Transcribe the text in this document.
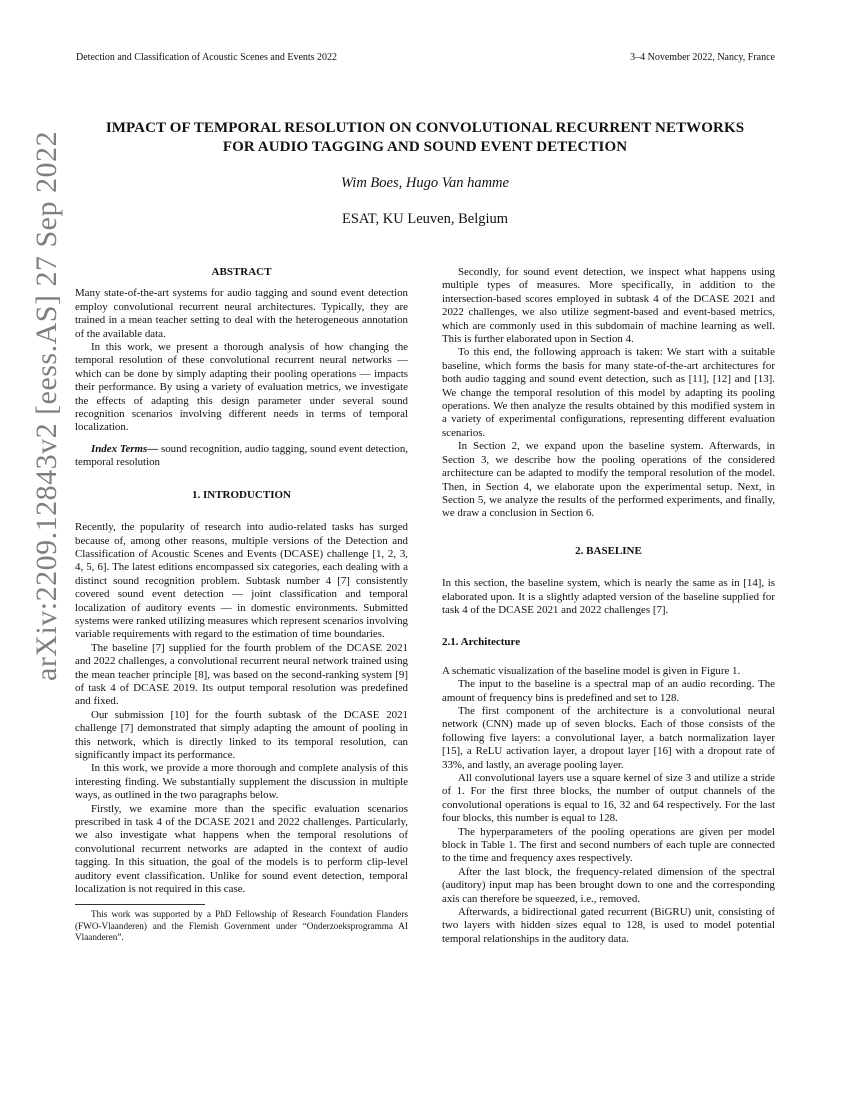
Detection and Classification of Acoustic Scenes and Events 2022	3–4 November 2022, Nancy, France
IMPACT OF TEMPORAL RESOLUTION ON CONVOLUTIONAL RECURRENT NETWORKS
FOR AUDIO TAGGING AND SOUND EVENT DETECTION
Wim Boes, Hugo Van hamme
ESAT, KU Leuven, Belgium
arXiv:2209.12843v2 [eess.AS] 27 Sep 2022	ABSTRACT

Many state-of-the-art systems for audio tagging and sound event detection employ convolutional recurrent neural architectures. Typically, they are trained in a mean teacher setting to deal with the heterogeneous annotation of the available data.

In this work, we present a thorough analysis of how changing the temporal resolution of these convolutional recurrent neural networks — which can be done by simply adapting their pooling operations — impacts their performance. By using a variety of evaluation metrics, we investigate the effects of adapting this design parameter under several sound recognition scenarios involving different needs in terms of temporal localization.

Index Terms— sound recognition, audio tagging, sound event detection, temporal resolution

1. INTRODUCTION

Recently, the popularity of research into audio-related tasks has surged because of, among other reasons, multiple versions of the Detection and Classification of Acoustic Scenes and Events (DCASE) challenge [1, 2, 3, 4, 5, 6]. The latest editions encompassed six categories, each dealing with a distinct sound recognition problem. Subtask number 4 [7] consistently covered sound event detection — joint classification and temporal localization of auditory events — in domestic environments. Submitted systems were ranked utilizing measures which represent scenarios involving variable requirements with regard to the estimation of time boundaries.

The baseline [7] supplied for the fourth problem of the DCASE 2021 and 2022 challenges, a convolutional recurrent neural network trained using the mean teacher principle [8], was based on the second-ranking system [9] of task 4 of DCASE 2019. Its output temporal resolution was predefined and fixed.

Our submission [10] for the fourth subtask of the DCASE 2021 challenge [7] demonstrated that simply adapting the amount of pooling in this network, which is directly linked to its temporal resolution, can significantly impact its performance.

In this work, we provide a more thorough and complete analysis of this interesting finding. We substantially supplement the discussion in multiple ways, as outlined in the two paragraphs below.

Firstly, we examine more than the specific evaluation scenarios prescribed in task 4 of the DCASE 2021 and 2022 challenges. Particularly, we also investigate what happens when the temporal resolutions of convolutional recurrent networks are adapted in the context of audio tagging. In this situation, the goal of the models is to perform clip-level auditory event classification. Unlike for sound event detection, temporal localization is not required in this case.

This work was supported by a PhD Fellowship of Research Foundation Flanders (FWO-Vlaanderen) and the Flemish Government under “Onderzoeksprogramma AI Vlaanderen”.

Secondly, for sound event detection, we inspect what happens using multiple types of measures. More specifically, in addition to the intersection-based scores employed in subtask 4 of the DCASE 2021 and 2022 challenges, we also utilize segment-based and event-based metrics, which are commonly used in this subdomain of machine learning as well. This is further elaborated upon in Section 4.

To this end, the following approach is taken: We start with a suitable baseline, which forms the basis for many state-of-the-art architectures for both audio tagging and sound event detection, such as [11], [12] and [13]. We change the temporal resolution of this model by adapting its pooling operations. We then analyze the results obtained by this modified system in a variety of experimental configurations, representing different evaluation scenarios.

In Section 2, we expand upon the baseline system. Afterwards, in Section 3, we describe how the pooling operations of the considered architecture can be adapted to modify the temporal resolution of the model. Then, in Section 4, we elaborate upon the experimental setup. Next, in Section 5, we analyze the results of the performed experiments, and finally, we draw a conclusion in Section 6.

2. BASELINE

In this section, the baseline system, which is nearly the same as in [14], is elaborated upon. It is a slightly adapted version of the baseline supplied for task 4 of the DCASE 2021 and 2022 challenges [7].

2.1. Architecture

A schematic visualization of the baseline model is given in Figure 1.

The input to the baseline is a spectral map of an audio recording. The amount of frequency bins is predefined and set to 128.

The first component of the architecture is a convolutional neural network (CNN) made up of seven blocks. Each of those consists of the following five layers: a convolutional layer, a batch normalization layer [15], a ReLU activation layer, a dropout layer [16] with a dropout rate of 33%, and lastly, an average pooling layer.

All convolutional layers use a square kernel of size 3 and utilize a stride of 1. For the first three blocks, the number of output channels of the convolutional operations is equal to 16, 32 and 64 respectively. For the last four blocks, this number is equal to 128.

The hyperparameters of the pooling operations are given per model block in Table 1. The first and second numbers of each tuple are connected to the time and frequency axes respectively.

After the last block, the frequency-related dimension of the spectral (auditory) input map has been brought down to one and the corresponding axis can therefore be squeezed, i.e., removed.

Afterwards, a bidirectional gated recurrent (BiGRU) unit, consisting of two layers with hidden sizes equal to 128, is used to model potential temporal relationships in the auditory data.
